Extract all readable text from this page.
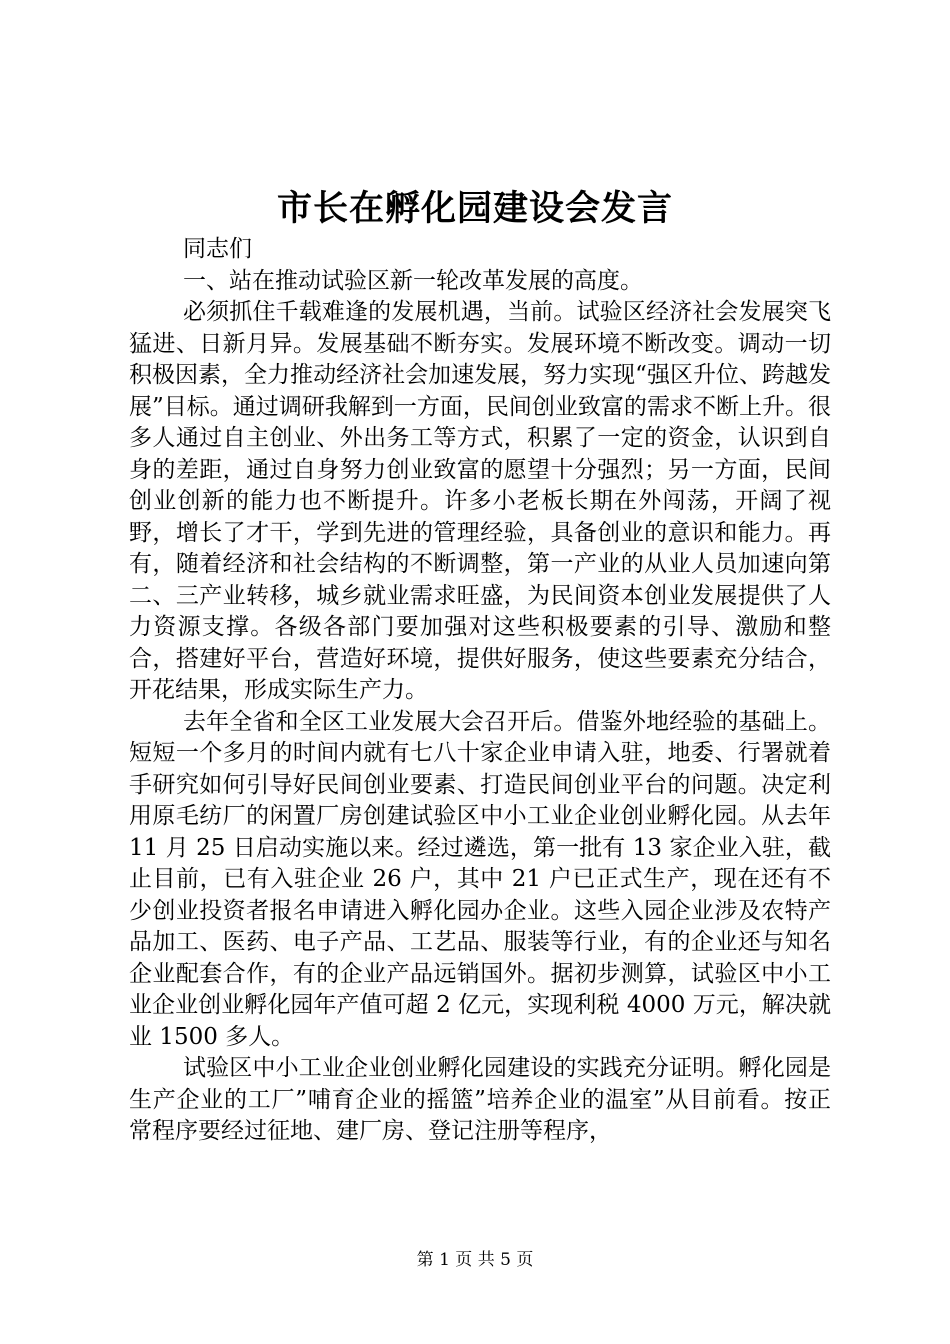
市长在孵化园建设会发言

同志们

一、站在推动试验区新一轮改革发展的高度。

必须抓住千载难逢的发展机遇，当前。试验区经济社会发展突飞猛进、日新月异。发展基础不断夯实。发展环境不断改变。调动一切积极因素，全力推动经济社会加速发展，努力实现“强区升位、跨越发展”目标。通过调研我解到一方面，民间创业致富的需求不断上升。很多人通过自主创业、外出务工等方式，积累了一定的资金，认识到自身的差距，通过自身努力创业致富的愿望十分强烈；另一方面，民间创业创新的能力也不断提升。许多小老板长期在外闯荡，开阔了视野，增长了才干，学到先进的管理经验，具备创业的意识和能力。再有，随着经济和社会结构的不断调整，第一产业的从业人员加速向第二、三产业转移，城乡就业需求旺盛，为民间资本创业发展提供了人力资源支撑。各级各部门要加强对这些积极要素的引导、激励和整合，搭建好平台，营造好环境，提供好服务，使这些要素充分结合，开花结果，形成实际生产力。

去年全省和全区工业发展大会召开后。借鉴外地经验的基础上。短短一个多月的时间内就有七八十家企业申请入驻，地委、行署就着手研究如何引导好民间创业要素、打造民间创业平台的问题。决定利用原毛纺厂的闲置厂房创建试验区中小工业企业创业孵化园。从去年 11 月 25 日启动实施以来。经过遴选，第一批有 13 家企业入驻，截止目前，已有入驻企业 26 户，其中 21 户已正式生产，现在还有不少创业投资者报名申请进入孵化园办企业。这些入园企业涉及农特产品加工、医药、电子产品、工艺品、服装等行业，有的企业还与知名企业配套合作，有的企业产品远销国外。据初步测算，试验区中小工业企业创业孵化园年产值可超 2 亿元，实现利税 4000 万元，解决就业 1500 多人。

试验区中小工业企业创业孵化园建设的实践充分证明。孵化园是生产企业的工厂”哺育企业的摇篮”培养企业的温室”从目前看。按正常程序要经过征地、建厂房、登记注册等程序，

第 1 页 共 5 页
